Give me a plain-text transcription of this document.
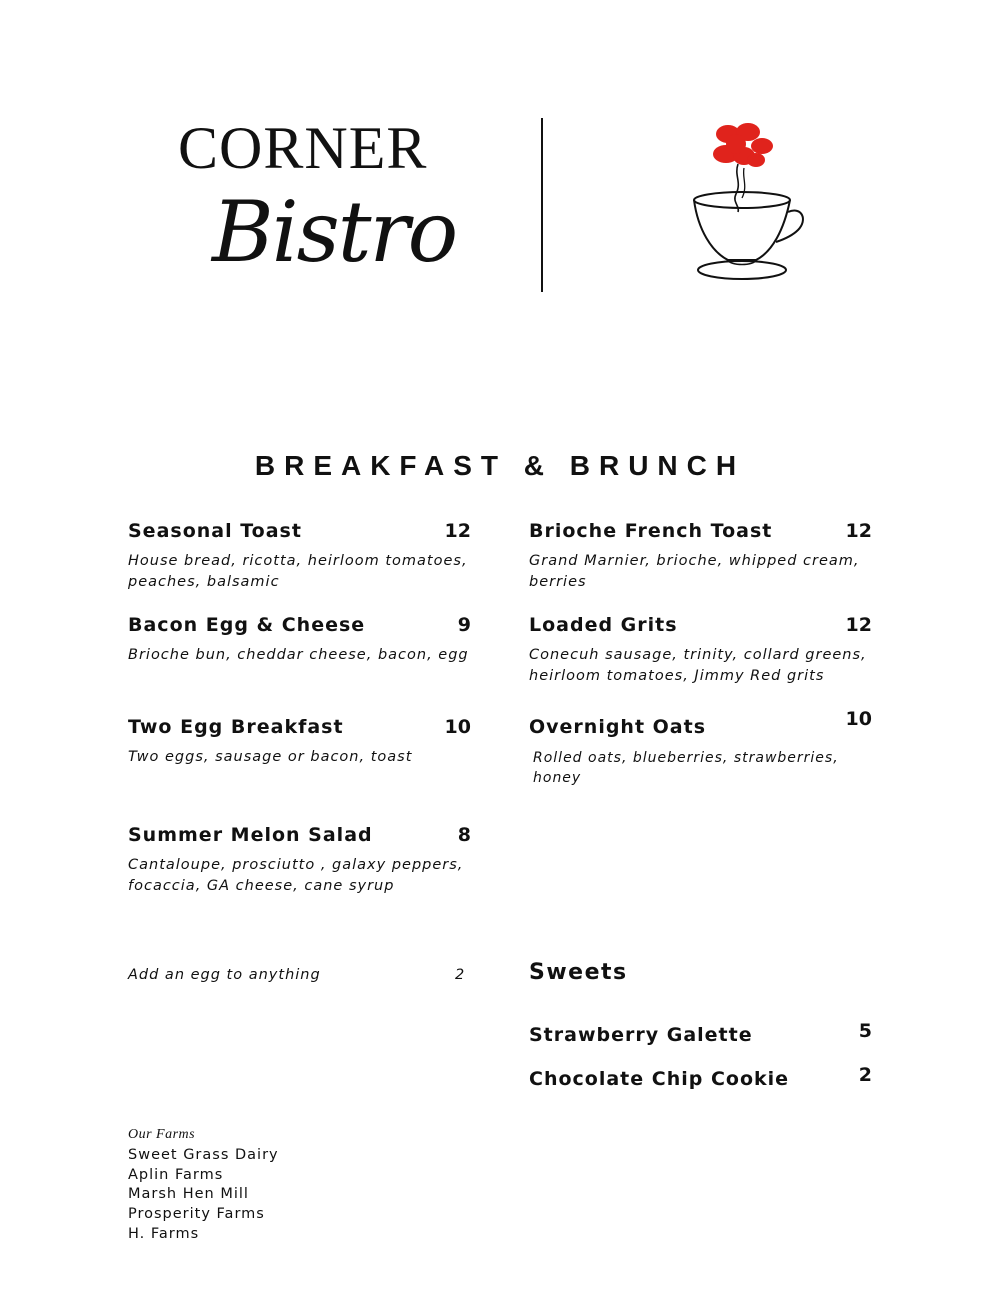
CORNER
Bistro
BREAKFAST & BRUNCH
Seasonal Toast	12
House bread, ricotta, heirloom tomatoes,
peaches, balsamic
Bacon Egg & Cheese	9
Brioche bun, cheddar cheese, bacon, egg
Two Egg Breakfast	10
Two eggs, sausage or bacon, toast
Summer Melon Salad	8
Cantaloupe, prosciutto , galaxy peppers,
focaccia, GA cheese, cane syrup
Brioche French Toast	12
Grand Marnier, brioche, whipped cream,
berries
Loaded Grits	12
Conecuh sausage, trinity, collard greens,
heirloom tomatoes, Jimmy Red grits
Overnight Oats	10
Rolled oats, blueberries, strawberries,
honey
Add an egg to anything	2	Sweets
Strawberry Galette	5
Chocolate Chip Cookie	2
Our Farms
Sweet Grass Dairy
Aplin Farms
Marsh Hen Mill
Prosperity Farms
H. Farms
